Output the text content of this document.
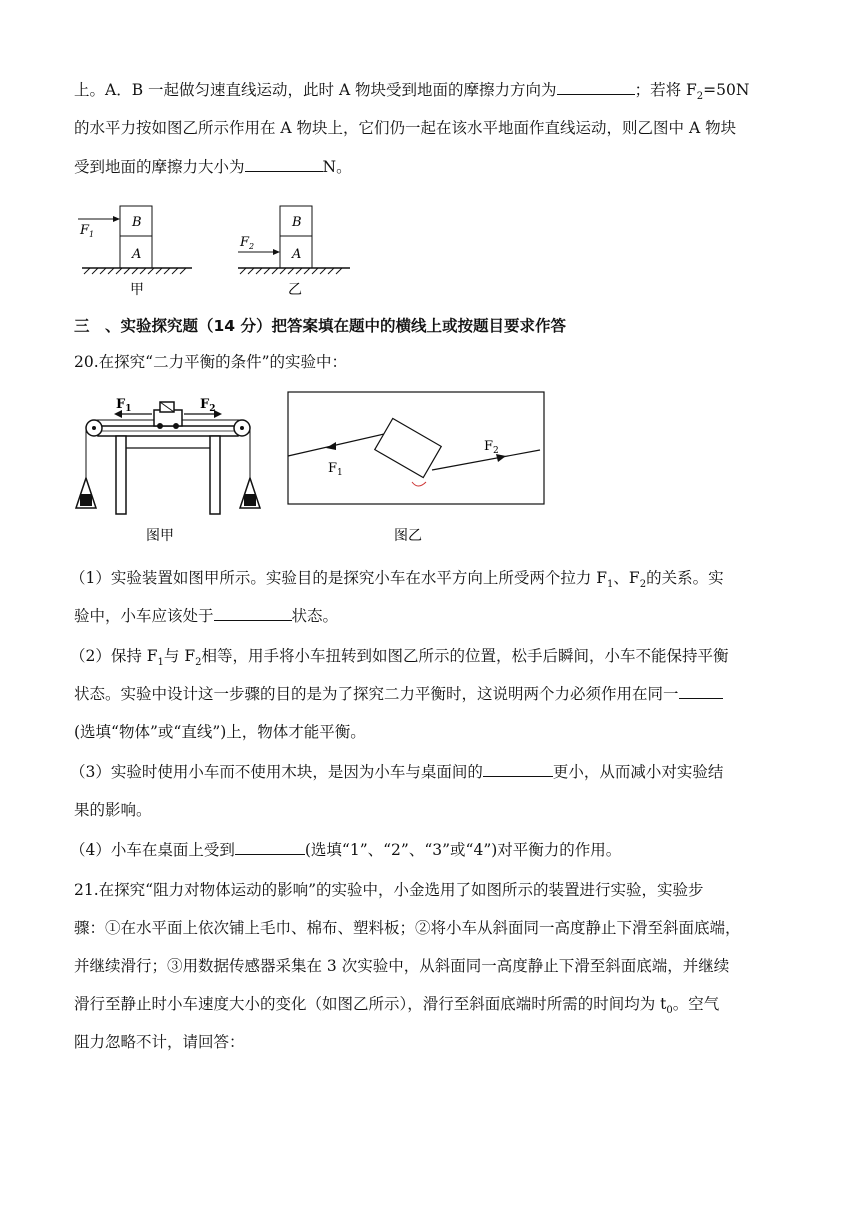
上。A．B 一起做匀速直线运动，此时 A 物块受到地面的摩擦力方向为	；若将 $F_2=50N$
的水平力按如图乙所示作用在 A 物块上，它们仍一起在该水平地面作直线运动，则乙图中 A 物块
受到地面的摩擦力大小为	N。
B
A
$F_1$
甲
B
A
$F_2$
乙
三　、实验探究题（14 分）把答案填在题中的横线上或按题目要求作答
20.在探究“二力平衡的条件”的实验中：
$F_1$	$F_2$
图甲
$F_1$
$F_2$
图乙
（1）实验装置如图甲所示。实验目的是探究小车在水平方向上所受两个拉力 $F_1$、$F_2$的关系。实
验中，小车应该处于	状态。
（2）保持 $F_1$与 $F_2$相等，用手将小车扭转到如图乙所示的位置，松手后瞬间，小车不能保持平衡
状态。实验中设计这一步骤的目的是为了探究二力平衡时，这说明两个力必须作用在同一
(选填“物体”或“直线”)上，物体才能平衡。
（3）实验时使用小车而不使用木块，是因为小车与桌面间的	更小，从而减小对实验结
果的影响。
（4）小车在桌面上受到	(选填“1”、“2”、“3”或“4”)对平衡力的作用。
21.在探究“阻力对物体运动的影响”的实验中，小金选用了如图所示的装置进行实验，实验步
骤：①在水平面上依次铺上毛巾、棉布、塑料板；②将小车从斜面同一高度静止下滑至斜面底端，
并继续滑行；③用数据传感器采集在 3 次实验中，从斜面同一高度静止下滑至斜面底端，并继续
滑行至静止时小车速度大小的变化（如图乙所示），滑行至斜面底端时所需的时间均为 $t_0$。空气
阻力忽略不计，请回答：
